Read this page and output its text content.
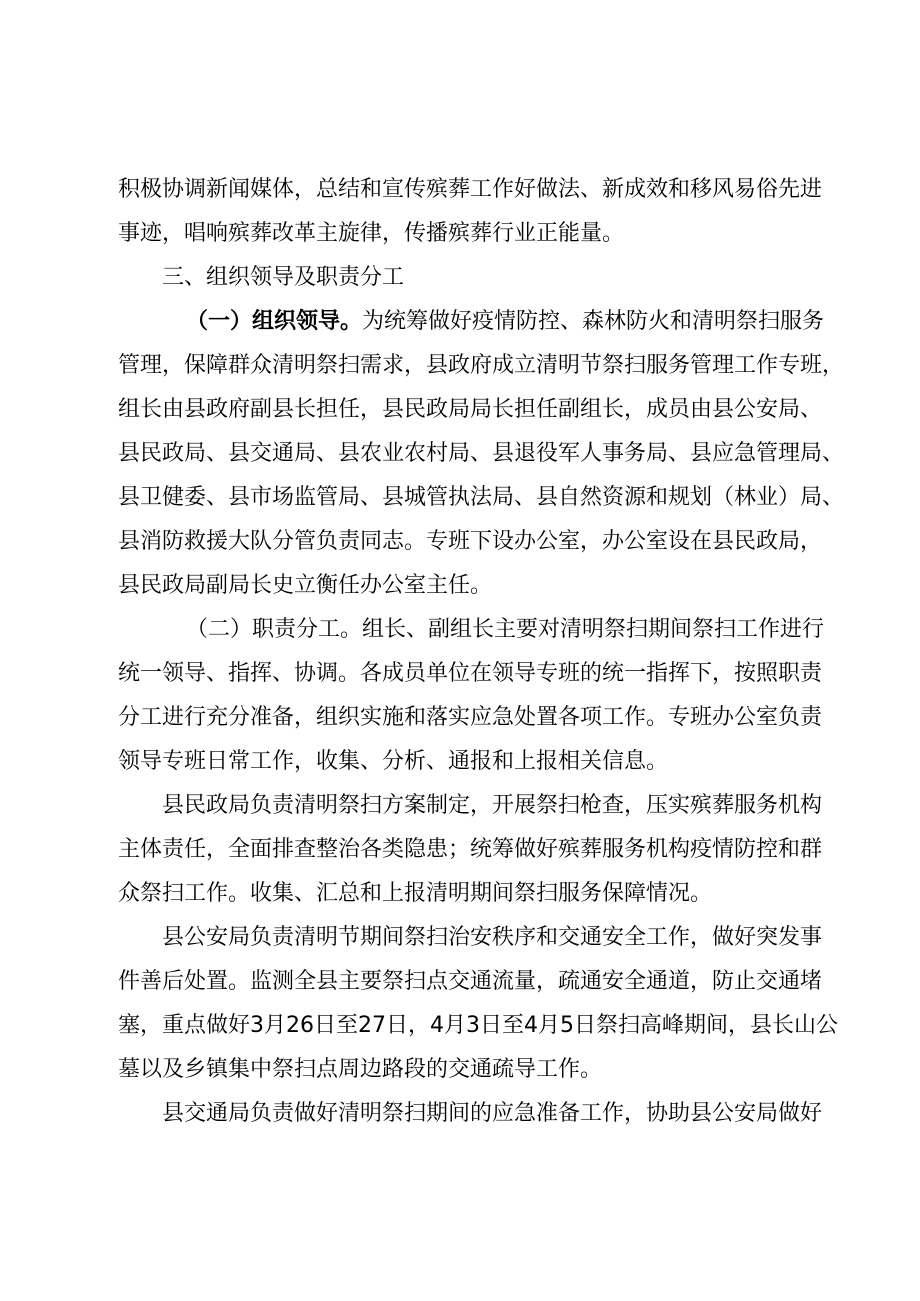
积极协调新闻媒体，总结和宣传殡葬工作好做法、新成效和移风易俗先进
事迹，唱响殡葬改革主旋律，传播殡葬行业正能量。
三、组织领导及职责分工
（一）组织领导。为统筹做好疫情防控、森林防火和清明祭扫服务
管理，保障群众清明祭扫需求，县政府成立清明节祭扫服务管理工作专班，
组长由县政府副县长担任，县民政局局长担任副组长，成员由县公安局、
县民政局、县交通局、县农业农村局、县退役军人事务局、县应急管理局、
县卫健委、县市场监管局、县城管执法局、县自然资源和规划（林业）局、
县消防救援大队分管负责同志。专班下设办公室，办公室设在县民政局，
县民政局副局长史立衡任办公室主任。
（二）职责分工。组长、副组长主要对清明祭扫期间祭扫工作进行
统一领导、指挥、协调。各成员单位在领导专班的统一指挥下，按照职责
分工进行充分准备，组织实施和落实应急处置各项工作。专班办公室负责
领导专班日常工作，收集、分析、通报和上报相关信息。
县民政局负责清明祭扫方案制定，开展祭扫枪查，压实殡葬服务机构
主体责任，全面排查整治各类隐患；统筹做好殡葬服务机构疫情防控和群
众祭扫工作。收集、汇总和上报清明期间祭扫服务保障情况。
县公安局负责清明节期间祭扫治安秩序和交通安全工作，做好突发事
件善后处置。监测全县主要祭扫点交通流量，疏通安全通道，防止交通堵
塞，重点做好3月26日至27日，4月3日至4月5日祭扫高峰期间，县长山公
墓以及乡镇集中祭扫点周边路段的交通疏导工作。
县交通局负责做好清明祭扫期间的应急准备工作，协助县公安局做好
